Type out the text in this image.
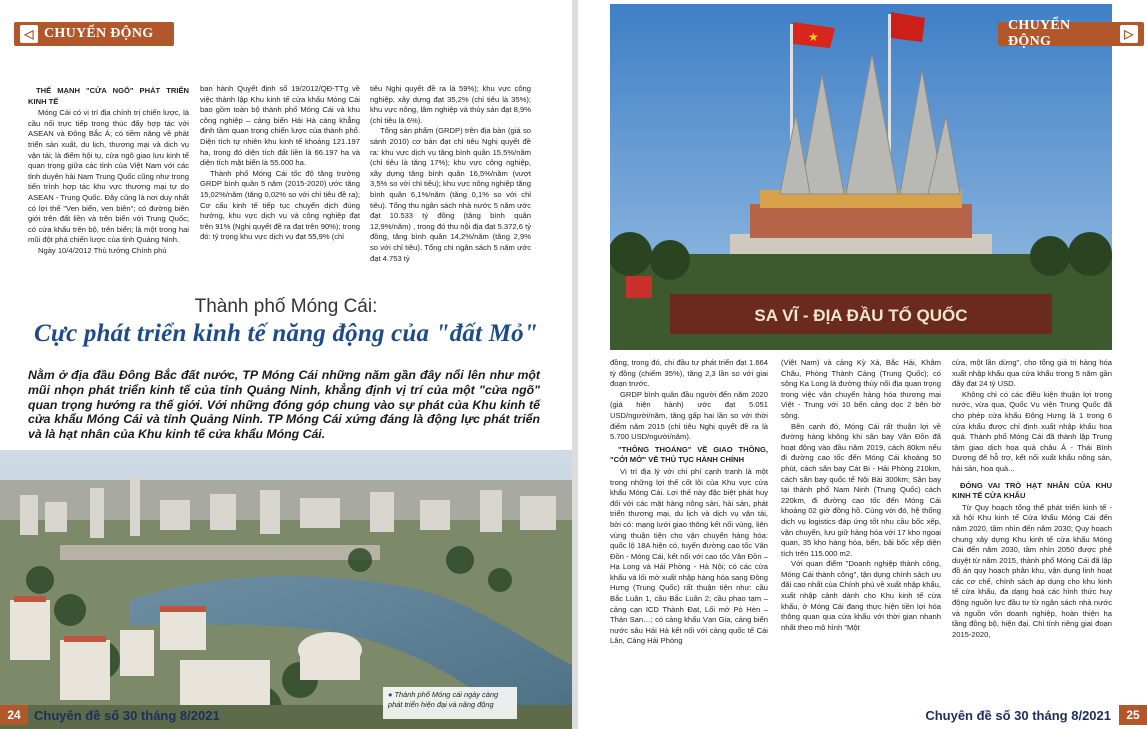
◁ CHUYỂN ĐỘNG
THẾ MẠNH "CỬA NGÕ" PHÁT TRIỂN KINH TẾ

Móng Cái có vị trí địa chính trị chiến lược, là cầu nối trực tiếp trong thúc đẩy hợp tác với ASEAN và Đông Bắc Á; có tiềm năng về phát triển sản xuất, du lịch, thương mại và dịch vụ vận tải; là điểm hội tụ, cửa ngõ giao lưu kinh tế quan trọng giữa các tỉnh của Việt Nam với các tỉnh duyên hải Nam Trung Quốc cũng như trong tiến trình hợp tác khu vực thương mại tự do ASEAN - Trung Quốc. Đây cũng là nơi duy nhất có lợi thế "Ven biển, ven biên"; có đường biên giới trên đất liền và trên biển với Trung Quốc; có cửa khẩu trên bộ, trên biển; là một trong hai mũi đột phá chiến lược của tỉnh Quảng Ninh.

Ngày 10/4/2012 Thủ tướng Chính phủ

ban hành Quyết định số 19/2012/QĐ-TTg về việc thành lập Khu kinh tế cửa khẩu Móng Cái bao gồm toàn bộ thành phố Móng Cái và khu công nghiệp – cảng biển Hải Hà càng khẳng định tầm quan trọng chiến lược của thành phố. Diện tích tự nhiên khu kinh tế khoảng 121.197 ha, trong đó diện tích đất liền là 66.197 ha và diện tích mặt biển là 55.000 ha.

Thành phố Móng Cái tốc độ tăng trưởng GRDP bình quân 5 năm (2015-2020) ước tăng 15,02%/năm (tăng 0,02% so với chỉ tiêu đề ra); Cơ cấu kinh tế tiếp tục chuyển dịch đúng hướng, khu vực dịch vụ và công nghiệp đạt trên 91% (Nghị quyết đề ra đạt trên 90%); trong đó: tỷ trọng khu vực dịch vụ đạt 55,9% (chỉ

tiêu Nghị quyết đề ra là 59%); khu vực công nghiệp, xây dựng đạt 35,2% (chỉ tiêu là 35%); khu vực nông, lâm nghiệp và thủy sản đạt 8,9% (chỉ tiêu là 6%).

Tổng sản phẩm (GRDP) trên địa bàn (giá so sánh 2010) cơ bản đạt chỉ tiêu Nghị quyết đề ra: khu vực dịch vụ tăng bình quân 15,5%/năm (chỉ tiêu là tăng 17%); khu vực công nghiệp, xây dựng tăng bình quân 16,5%/năm (vượt 3,5% so với chỉ tiêu); khu vực nông nghiệp tăng bình quân 6,1%/năm (tăng 0,1% so với chỉ tiêu). Tổng thu ngân sách nhà nước 5 năm ước đạt 10.533 tỷ đồng (tăng bình quân 12,9%/năm) , trong đó thu nội địa đạt 5.372,6 tỷ đồng, tăng bình quân 14,2%/năm (tăng 2,9% so với chỉ tiêu). Tổng chi ngân sách 5 năm ước đạt 4.753 tỷ

Thành phố Móng Cái:
Cực phát triển kinh tế năng động của "đất Mỏ"
Nằm ở địa đầu Đông Bắc đất nước, TP Móng Cái những năm gần đây nổi lên như một mũi nhọn phát triển kinh tế của tỉnh Quảng Ninh, khẳng định vị trí của một "cửa ngõ" quan trọng hướng ra thế giới. Với những đóng góp chung vào sự phát của Khu kinh tế cửa khẩu Móng Cái và tỉnh Quảng Ninh. TP Móng Cái xứng đáng là động lực phát triển và là hạt nhân của Khu kinh tế cửa khẩu Móng Cái.
● Thành phố Móng cái ngày càng phát triển hiện đại và năng động
24	Chuyên đề số 30 tháng 8/2021
★
SA VĨ - ĐỊA ĐẦU TỔ QUỐC
CHUYỂN ĐỘNG
▷

đồng, trong đó, chi đầu tư phát triển đạt 1.664 tỷ đồng (chiếm 35%), tăng 2,3 lần so với giai đoạn trước.

GRDP bình quân đầu người đến năm 2020 (giá hiện hành) ước đạt 5.051 USD/người/năm, tăng gấp hai lần so với thời điểm năm 2015 (chỉ tiêu Nghị quyết đề ra là 5.700 USD/người/năm).

"THÔNG THOÁNG" VỀ GIAO THÔNG, "CỞI MỞ" VỀ THỦ TỤC HÀNH CHÍNH

Vị trí địa lý với chi phí cạnh tranh là một trong những lợi thế cốt lõi của Khu vực cửa khẩu Móng Cái. Lợi thế này đặc biệt phát huy đối với các mặt hàng nông sản, hải sản, phát triển thương mại, du lịch và dịch vụ vận tải, bởi có: mạng lưới giao thông kết nối vùng, liên vùng thuận tiện cho vận chuyển hàng hóa: quốc lộ 18A hiện có, tuyến đường cao tốc Vân Đồn - Móng Cái, kết nối với cao tốc Vân Đồn – Hạ Long và Hải Phòng - Hà Nội; có các cửa khẩu và lối mở xuất nhập hàng hóa sang Đông Hưng (Trung Quốc) rất thuận tiện như: cầu Bắc Luân 1, cầu Bắc Luân 2; cầu phao tạm – cảng cạn ICD Thành Đạt, Lối mở Pò Hèn – Thán San…; có cảng khẩu Vạn Gia, cảng biển nước sâu Hải Hà kết nối với cảng quốc tế Cái Lân, Cảng Hải Phòng

(Việt Nam) và cảng Kỳ Xá, Bắc Hải, Khâm Châu, Phòng Thành Cảng (Trung Quốc); có sông Ka Long là đường thủy nối địa quan trọng trong việc vận chuyển hàng hóa thương mại Việt - Trung với 10 bến cảng dọc 2 bên bờ sông.

Bên cạnh đó, Móng Cái rất thuận lợi về đường hàng không khi sân bay Vân Đồn đã hoạt động vào đầu năm 2019, cách 80km nếu đi đường cao tốc đến Móng Cái khoảng 50 phút, cách sân bay Cát Bi - Hải Phòng 210km, cách sân bay quốc tế Nội Bài 300km; Sân bay tại thành phố Nam Ninh (Trung Quốc) cách 220km, đi đường cao tốc đến Móng Cái khoảng 02 giờ đồng hồ. Cùng với đó, hệ thống dịch vụ logistics đáp ứng tốt nhu cầu bốc xếp, vận chuyển, lưu giữ hàng hóa với 17 kho ngoại quan, 35 kho hàng hóa, bến, bãi bốc xếp diện tích trên 115.000 m2.

Với quan điểm "Doanh nghiệp thành công, Móng Cái thành công", tận dụng chính sách ưu đãi cao nhất của Chính phủ về xuất nhập khẩu, xuất nhập cảnh dành cho Khu kinh tế cửa khẩu, ở Móng Cái đang thực hiện tiền lợi hóa thông quan qua cửa khẩu với thời gian nhanh nhất theo mô hình "Một

cửa, một lần dừng", cho tổng giá trị hàng hóa xuất nhập khẩu qua cửa khẩu trong 5 năm gần đây đạt 24 tỷ USD.

Không chỉ có các điều kiện thuận lợi trong nước, vừa qua, Quốc Vụ viện Trung Quốc đã cho phép cửa khẩu Đông Hưng là 1 trong 6 cửa khẩu được chỉ định xuất nhập khẩu hoa quả. Thành phố Móng Cái đã thành lập Trung tâm giao dịch hoa quả châu Á - Thái Bình Dương để hỗ trợ, kết nối xuất khẩu nông sản, hải sản, hoa quả...

ĐÓNG VAI TRÒ HẠT NHÂN CỦA KHU KINH TẾ CỬA KHẨU

Từ Quy hoạch tổng thể phát triển kinh tế - xã hội Khu kinh tế Cửa khẩu Móng Cái đến năm 2020, tầm nhìn đến năm 2030; Quy hoạch chung xây dựng Khu kinh tế cửa khẩu Móng Cái đến năm 2030, tầm nhìn 2050 được phê duyệt từ năm 2015, thành phố Móng Cái đã lập đồ án quy hoạch phân khu, vận dụng linh hoạt các cơ chế, chính sách áp dụng cho khu kinh tế cửa khẩu, đa dạng hoá các hình thức huy động nguồn lực đầu tư từ ngân sách nhà nước và nguồn vốn doanh nghiệp, hoàn thiện hạ tầng đồng bộ, hiện đại. Chỉ tính riêng giai đoạn 2015-2020,

Chuyên đề số 30 tháng 8/2021	25
